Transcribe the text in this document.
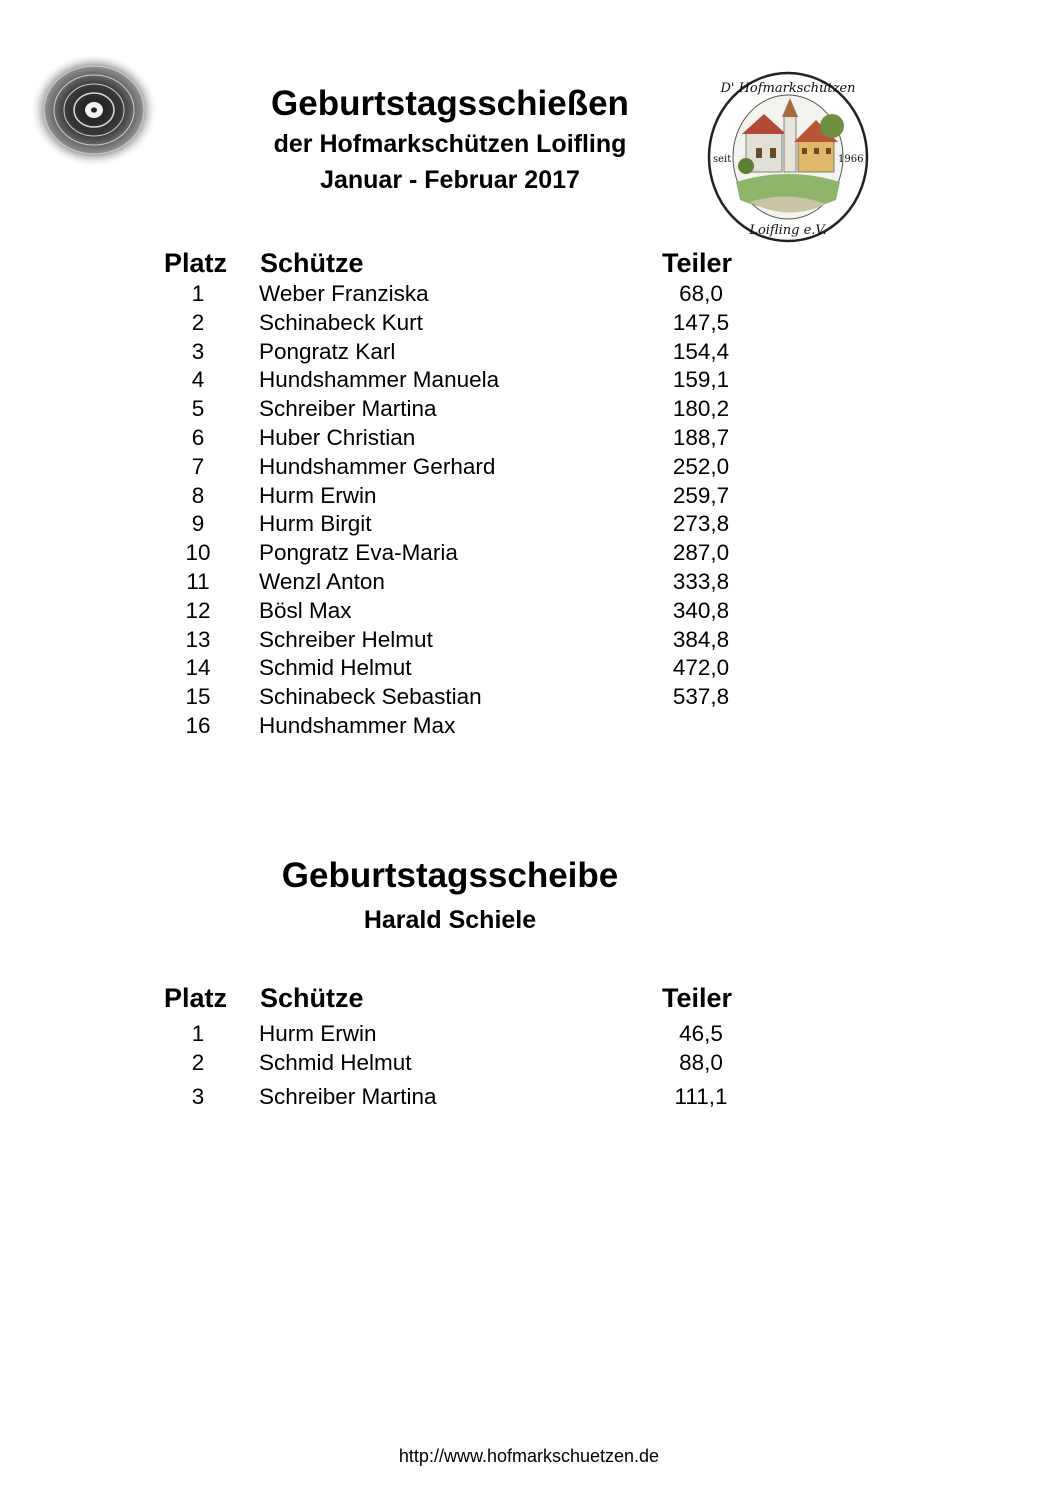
D' Hofmarkschützen
seit	1966
Loifling e.V.
Geburtstagsschießen
der Hofmarkschützen Loifling
Januar - Februar 2017
Platz Schütze	Teiler
1	Weber Franziska	68,0
2	Schinabeck Kurt	147,5
3	Pongratz Karl	154,4
4	Hundshammer Manuela	159,1
5	Schreiber Martina	180,2
6	Huber Christian	188,7
7	Hundshammer Gerhard	252,0
8	Hurm Erwin	259,7
9	Hurm Birgit	273,8
10	Pongratz Eva-Maria	287,0
11	Wenzl Anton	333,8
12	Bösl Max	340,8
13	Schreiber Helmut	384,8
14	Schmid Helmut	472,0
15	Schinabeck Sebastian	537,8
16	Hundshammer Max
Geburtstagsscheibe
Harald Schiele
Platz Schütze	Teiler
1	Hurm Erwin	46,5
2	Schmid Helmut	88,0
3	Schreiber Martina	111,1
http://www.hofmarkschuetzen.de
